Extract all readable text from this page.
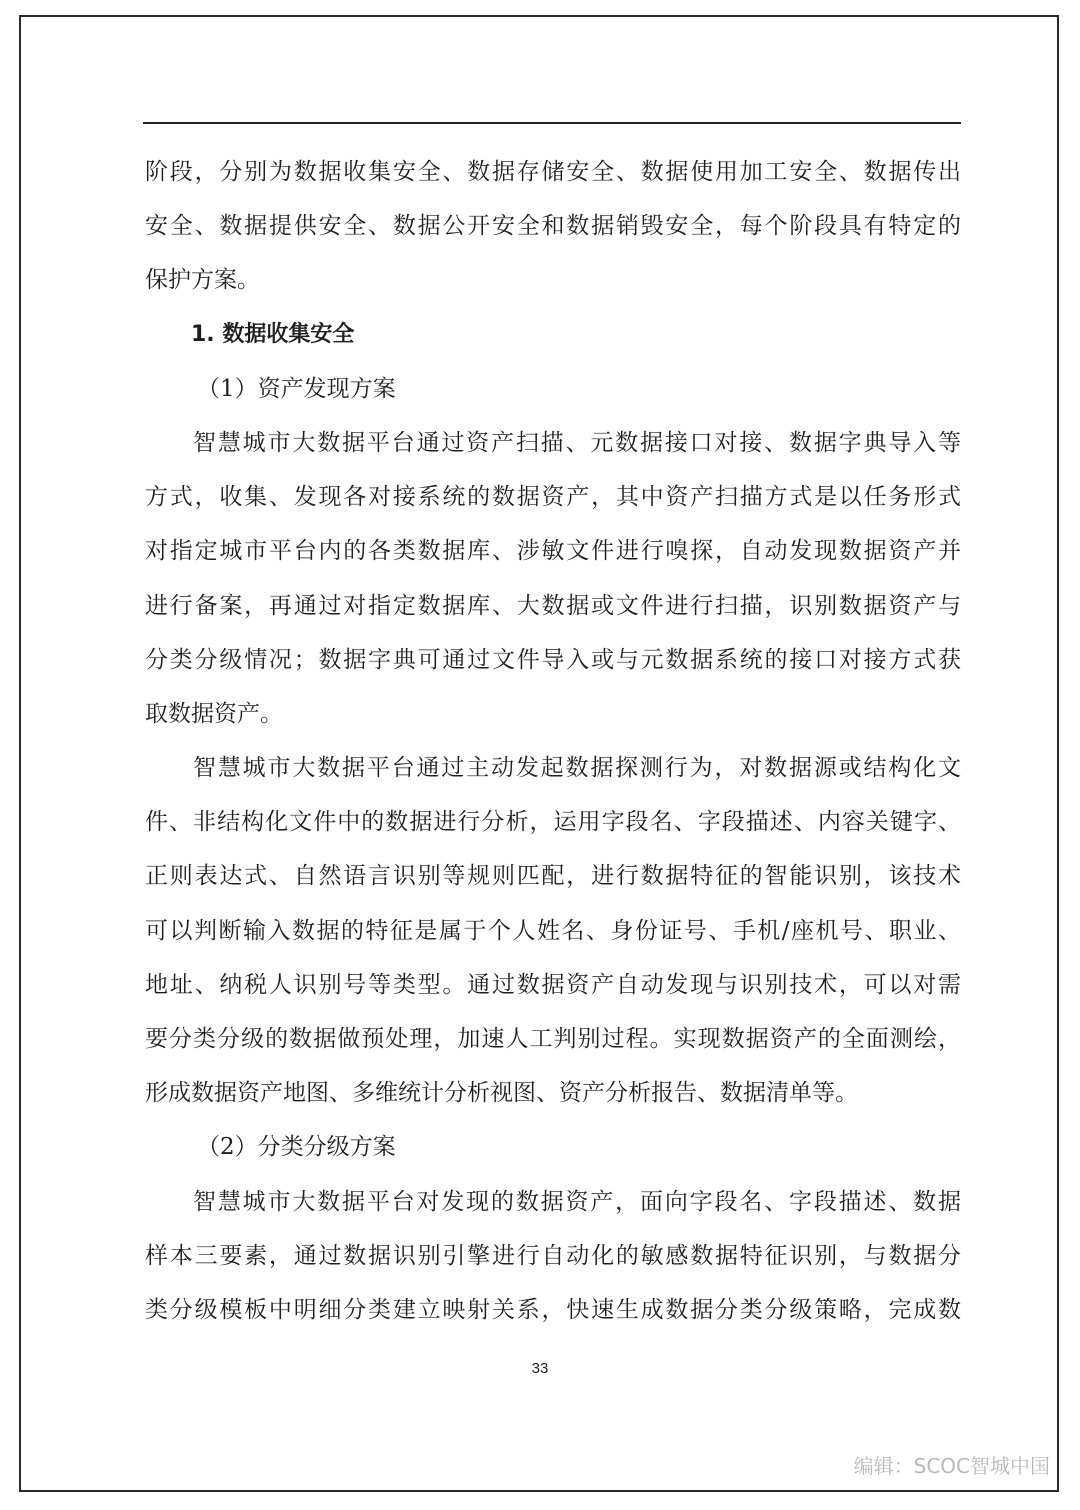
阶段，分别为数据收集安全、数据存储安全、数据使用加工安全、数据传出
安全、数据提供安全、数据公开安全和数据销毁安全，每个阶段具有特定的
保护方案。
1. 数据收集安全
（1）资产发现方案
智慧城市大数据平台通过资产扫描、元数据接口对接、数据字典导入等
方式，收集、发现各对接系统的数据资产，其中资产扫描方式是以任务形式
对指定城市平台内的各类数据库、涉敏文件进行嗅探，自动发现数据资产并
进行备案，再通过对指定数据库、大数据或文件进行扫描，识别数据资产与
分类分级情况；数据字典可通过文件导入或与元数据系统的接口对接方式获
取数据资产。
智慧城市大数据平台通过主动发起数据探测行为，对数据源或结构化文
件、非结构化文件中的数据进行分析，运用字段名、字段描述、内容关键字、
正则表达式、自然语言识别等规则匹配，进行数据特征的智能识别，该技术
可以判断输入数据的特征是属于个人姓名、身份证号、手机/座机号、职业、
地址、纳税人识别号等类型。通过数据资产自动发现与识别技术，可以对需
要分类分级的数据做预处理，加速人工判别过程。实现数据资产的全面测绘，
形成数据资产地图、多维统计分析视图、资产分析报告、数据清单等。
（2）分类分级方案
智慧城市大数据平台对发现的数据资产，面向字段名、字段描述、数据
样本三要素，通过数据识别引擎进行自动化的敏感数据特征识别，与数据分
类分级模板中明细分类建立映射关系，快速生成数据分类分级策略，完成数
33
编辑：SCOC智城中国
